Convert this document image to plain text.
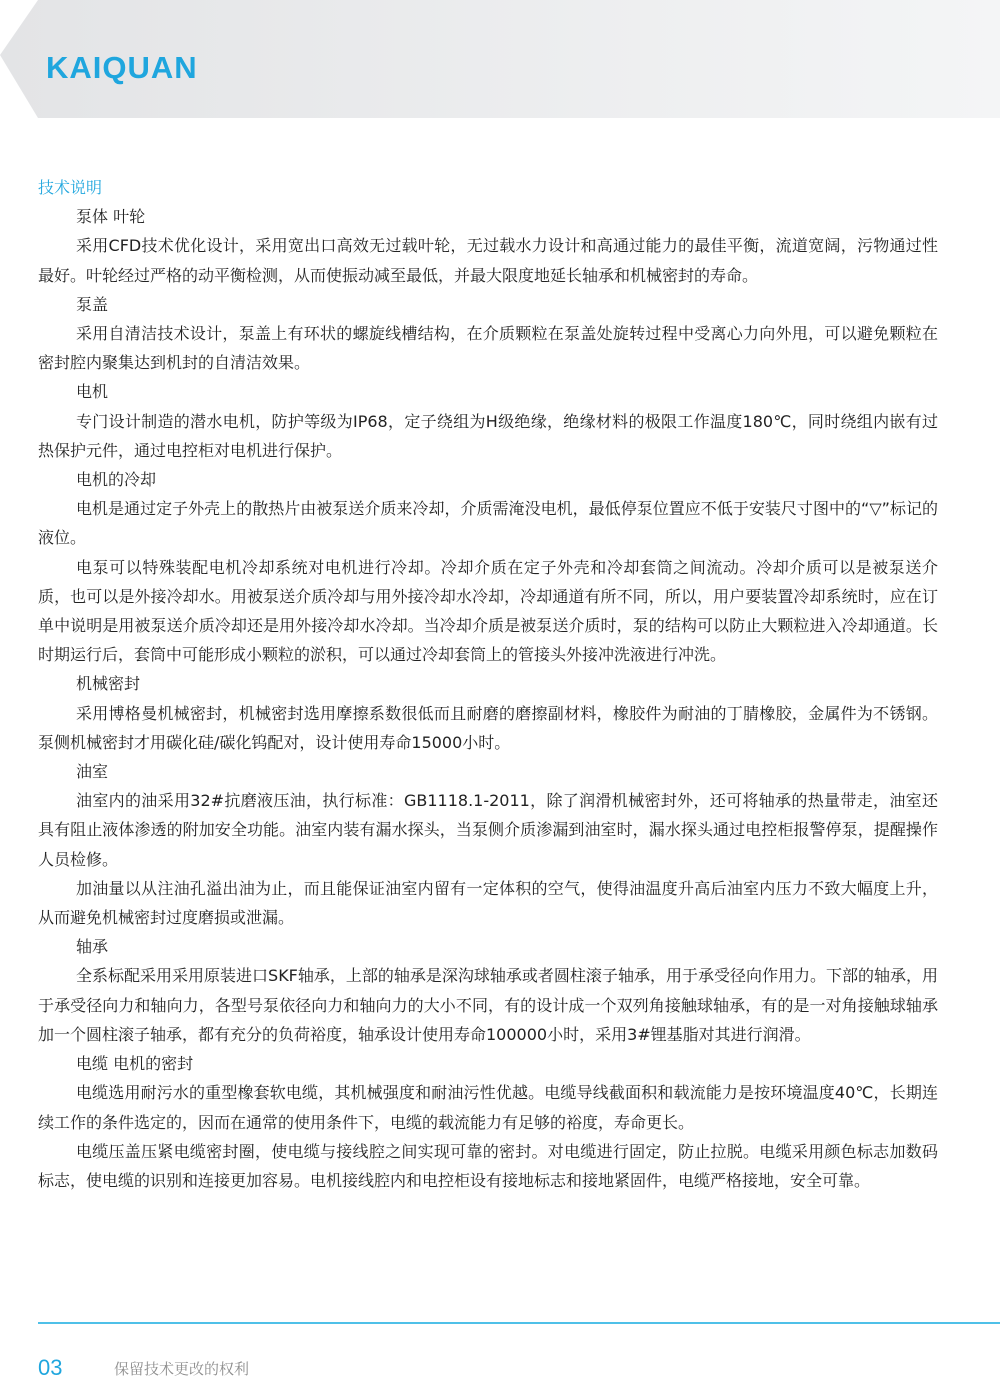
KAIQUAN
技术说明

泵体 叶轮

采用CFD技术优化设计，采用宽出口高效无过载叶轮，无过载水力设计和高通过能力的最佳平衡，流道宽阔，污物通过性最好。叶轮经过严格的动平衡检测，从而使振动减至最低，并最大限度地延长轴承和机械密封的寿命。

泵盖

采用自清洁技术设计，泵盖上有环状的螺旋线槽结构，在介质颗粒在泵盖处旋转过程中受离心力向外甩，可以避免颗粒在密封腔内聚集达到机封的自清洁效果。

电机

专门设计制造的潜水电机，防护等级为IP68，定子绕组为H级绝缘，绝缘材料的极限工作温度180℃，同时绕组内嵌有过热保护元件，通过电控柜对电机进行保护。

电机的冷却

电机是通过定子外壳上的散热片由被泵送介质来冷却，介质需淹没电机，最低停泵位置应不低于安装尺寸图中的“▽”标记的液位。

电泵可以特殊装配电机冷却系统对电机进行冷却。冷却介质在定子外壳和冷却套筒之间流动。冷却介质可以是被泵送介质，也可以是外接冷却水。用被泵送介质冷却与用外接冷却水冷却，冷却通道有所不同，所以，用户要装置冷却系统时，应在订单中说明是用被泵送介质冷却还是用外接冷却水冷却。当冷却介质是被泵送介质时，泵的结构可以防止大颗粒进入冷却通道。长时期运行后，套筒中可能形成小颗粒的淤积，可以通过冷却套筒上的管接头外接冲洗液进行冲洗。

机械密封

采用博格曼机械密封，机械密封选用摩擦系数很低而且耐磨的磨擦副材料，橡胶件为耐油的丁腈橡胶，金属件为不锈钢。泵侧机械密封才用碳化硅/碳化钨配对，设计使用寿命15000小时。

油室

油室内的油采用32#抗磨液压油，执行标准：GB1118.1-2011，除了润滑机械密封外，还可将轴承的热量带走，油室还具有阻止液体渗透的附加安全功能。油室内装有漏水探头，当泵侧介质渗漏到油室时，漏水探头通过电控柜报警停泵，提醒操作人员检修。

加油量以从注油孔溢出油为止，而且能保证油室内留有一定体积的空气，使得油温度升高后油室内压力不致大幅度上升，从而避免机械密封过度磨损或泄漏。

轴承

全系标配采用采用原装进口SKF轴承，上部的轴承是深沟球轴承或者圆柱滚子轴承，用于承受径向作用力。下部的轴承，用于承受径向力和轴向力，各型号泵依径向力和轴向力的大小不同，有的设计成一个双列角接触球轴承，有的是一对角接触球轴承加一个圆柱滚子轴承，都有充分的负荷裕度，轴承设计使用寿命100000小时，采用3#锂基脂对其进行润滑。

电缆 电机的密封

电缆选用耐污水的重型橡套软电缆，其机械强度和耐油污性优越。电缆导线截面积和载流能力是按环境温度40℃，长期连续工作的条件选定的，因而在通常的使用条件下，电缆的载流能力有足够的裕度，寿命更长。

电缆压盖压紧电缆密封圈，使电缆与接线腔之间实现可靠的密封。对电缆进行固定，防止拉脱。电缆采用颜色标志加数码标志，使电缆的识别和连接更加容易。电机接线腔内和电控柜设有接地标志和接地紧固件，电缆严格接地，安全可靠。

03	保留技术更改的权利
